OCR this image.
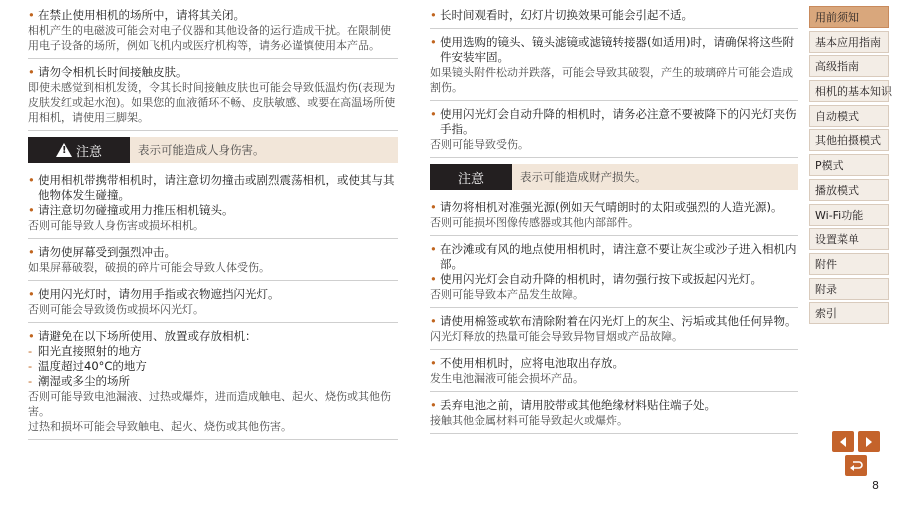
• 在禁止使用相机的场所中，请将其关闭。
相机产生的电磁波可能会对电子仪器和其他设备的运行造成干扰。在限制使用电子设备的场所，例如飞机内或医疗机构等，请务必谨慎使用本产品。
• 请勿令相机长时间接触皮肤。
即使未感觉到相机发烫，令其长时间接触皮肤也可能会导致低温灼伤(表现为皮肤发红或起水泡)。如果您的血液循环不畅、皮肤敏感、或要在高温场所使用相机，请使用三脚架。
!
注意	表示可能造成人身伤害。
• 使用相机带携带相机时，请注意切勿撞击或剧烈震荡相机，或使其与其他物体发生碰撞。
• 请注意切勿碰撞或用力推压相机镜头。
否则可能导致人身伤害或损坏相机。
• 请勿使屏幕受到强烈冲击。
如果屏幕破裂，破损的碎片可能会导致人体受伤。
• 使用闪光灯时，请勿用手指或衣物遮挡闪光灯。
否则可能会导致烫伤或损坏闪光灯。
• 请避免在以下场所使用、放置或存放相机：
- 阳光直接照射的地方
- 温度超过40°C的地方
- 潮湿或多尘的场所
否则可能导致电池漏液、过热或爆炸，进而造成触电、起火、烧伤或其他伤害。
过热和损坏可能会导致触电、起火、烧伤或其他伤害。
• 长时间观看时，幻灯片切换效果可能会引起不适。
• 使用选购的镜头、镜头滤镜或滤镜转接器(如适用)时，请确保将这些附件安装牢固。
如果镜头附件松动并跌落，可能会导致其破裂，产生的玻璃碎片可能会造成割伤。
• 使用闪光灯会自动升降的相机时，请务必注意不要被降下的闪光灯夹伤手指。
否则可能导致受伤。
注意	表示可能造成财产损失。
• 请勿将相机对准强光源(例如天气晴朗时的太阳或强烈的人造光源)。
否则可能损坏图像传感器或其他内部部件。
• 在沙滩或有风的地点使用相机时，请注意不要让灰尘或沙子进入相机内部。
• 使用闪光灯会自动升降的相机时，请勿强行按下或扳起闪光灯。
否则可能导致本产品发生故障。
• 请使用棉签或软布清除附着在闪光灯上的灰尘、污垢或其他任何异物。
闪光灯释放的热量可能会导致异物冒烟或产品故障。
• 不使用相机时，应将电池取出存放。
发生电池漏液可能会损坏产品。
• 丢弃电池之前，请用胶带或其他绝缘材料贴住端子处。
接触其他金属材料可能导致起火或爆炸。
用前须知
基本应用指南
高级指南
相机的基本知识
自动模式
其他拍摄模式
P模式
播放模式
Wi-Fi功能
设置菜单
附件
附录
索引
8
